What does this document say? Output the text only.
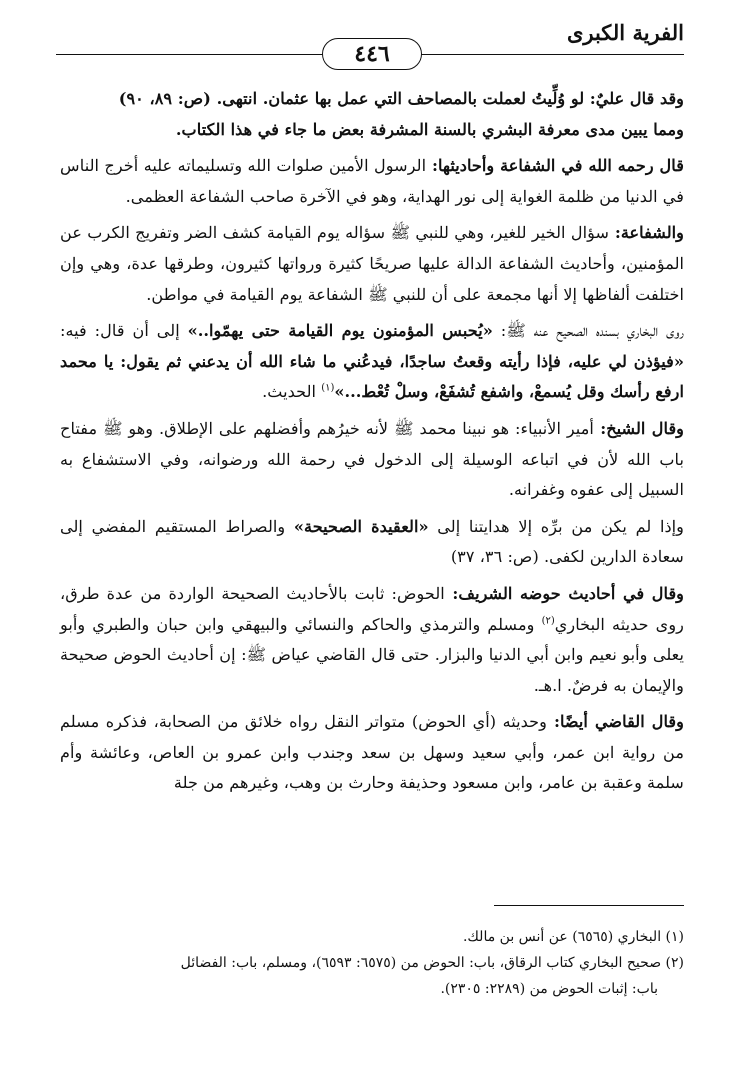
الفرية الكبرى
٤٤٦

وقد قال عليٌ: لو وُلِّيتُ لعملت بالمصاحف التي عمل بها عثمان. انتهى. (ص: ٨٩، ٩٠)

ومما يبين مدى معرفة البشري بالسنة المشرفة بعض ما جاء في هذا الكتاب.

قال رحمه الله في الشفاعة وأحاديثها: الرسول الأمين صلوات الله وتسليماته عليه أخرج الناس في الدنيا من ظلمة الغواية إلى نور الهداية، وهو في الآخرة صاحب الشفاعة العظمى.

والشفاعة: سؤال الخير للغير، وهي للنبي ﷺ سؤاله يوم القيامة كشف الضر وتفريج الكرب عن المؤمنين، وأحاديث الشفاعة الدالة عليها صريحًا كثيرة ورواتها كثيرون، وطرقها عدة، وهي وإن اختلفت ألفاظها إلا أنها مجمعة على أن للنبي ﷺ الشفاعة يوم القيامة في مواطن.

روى البخاري بسنده الصحيح عنه ﷺ: «يُحبس المؤمنون يوم القيامة حتى يهمّوا..» إلى أن قال: فيه: «فيؤذن لي عليه، فإذا رأيته وقعتُ ساجدًا، فيدعُني ما شاء الله أن يدعني ثم يقول: يا محمد ارفع رأسك وقل يُسمعْ، واشفع تُشفَعْ، وسلْ تُعْط...»$^{(١)}$ الحديث.

وقال الشيخ: أمير الأنبياء: هو نبينا محمد ﷺ لأنه خيرُهم وأفضلهم على الإطلاق. وهو ﷺ مفتاح باب الله لأن في اتباعه الوسيلة إلى الدخول في رحمة الله ورضوانه، وفي الاستشفاع به السبيل إلى عفوه وغفرانه.

وإذا لم يكن من برِّه إلا هدايتنا إلى «العقيدة الصحيحة» والصراط المستقيم المفضي إلى سعادة الدارين لكفى. (ص: ٣٦، ٣٧)

وقال في أحاديث حوضه الشريف: الحوض: ثابت بالأحاديث الصحيحة الواردة من عدة طرق، روى حديثه البخاري$^{(٢)}$ ومسلم والترمذي والحاكم والنسائي والبيهقي وابن حبان والطبري وأبو يعلى وأبو نعيم وابن أبي الدنيا والبزار. حتى قال القاضي عياض ﷺ: إن أحاديث الحوض صحيحة والإيمان به فرضٌ. ا.هـ.

وقال القاضي أيضًا: وحديثه (أي الحوض) متواتر النقل رواه خلائق من الصحابة، فذكره مسلم من رواية ابن عمر، وأبي سعيد وسهل بن سعد وجندب وابن عمرو بن العاص، وعائشة وأم سلمة وعقبة بن عامر، وابن مسعود وحذيفة وحارث بن وهب، وغيرهم من جلة

(١) البخاري (٦٥٦٥) عن أنس بن مالك.

(٢) صحيح البخاري كتاب الرقاق، باب: الحوض من (٦٥٧٥: ٦٥٩٣)، ومسلم، باب: الفضائل

باب: إثبات الحوض من (٢٢٨٩: ٢٣٠٥).
